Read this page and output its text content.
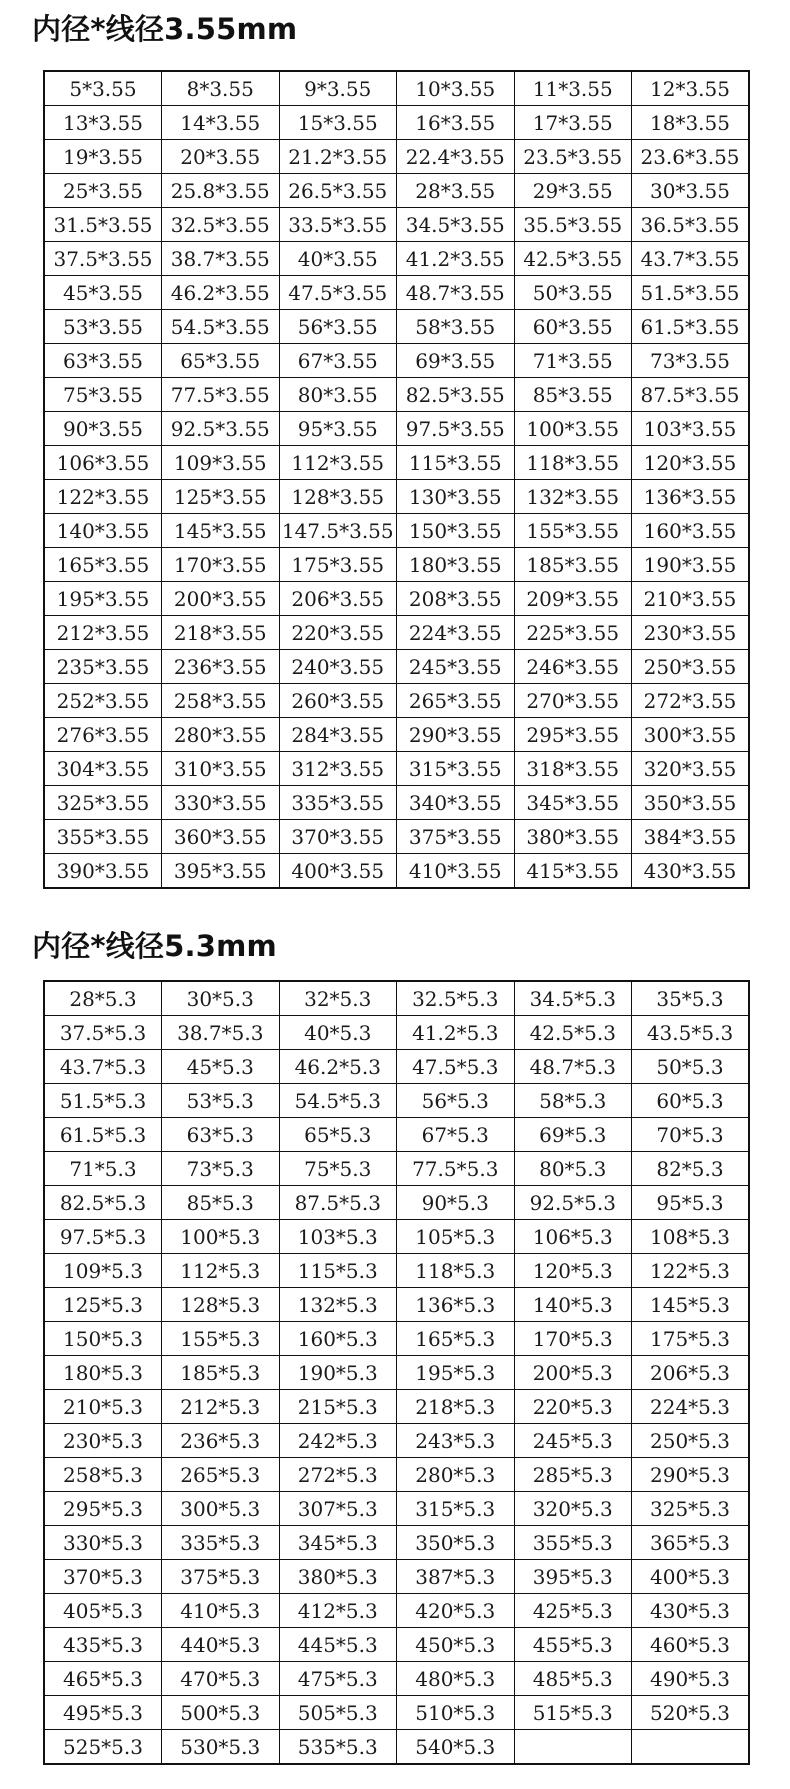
内径*线径3.55mm
5*3.55	8*3.55	9*3.55	10*3.55	11*3.55	12*3.55
13*3.55	14*3.55	15*3.55	16*3.55	17*3.55	18*3.55
19*3.55	20*3.55	21.2*3.55	22.4*3.55	23.5*3.55	23.6*3.55
25*3.55	25.8*3.55	26.5*3.55	28*3.55	29*3.55	30*3.55
31.5*3.55	32.5*3.55	33.5*3.55	34.5*3.55	35.5*3.55	36.5*3.55
37.5*3.55	38.7*3.55	40*3.55	41.2*3.55	42.5*3.55	43.7*3.55
45*3.55	46.2*3.55	47.5*3.55	48.7*3.55	50*3.55	51.5*3.55
53*3.55	54.5*3.55	56*3.55	58*3.55	60*3.55	61.5*3.55
63*3.55	65*3.55	67*3.55	69*3.55	71*3.55	73*3.55
75*3.55	77.5*3.55	80*3.55	82.5*3.55	85*3.55	87.5*3.55
90*3.55	92.5*3.55	95*3.55	97.5*3.55	100*3.55	103*3.55
106*3.55	109*3.55	112*3.55	115*3.55	118*3.55	120*3.55
122*3.55	125*3.55	128*3.55	130*3.55	132*3.55	136*3.55
140*3.55	145*3.55	147.5*3.55	150*3.55	155*3.55	160*3.55
165*3.55	170*3.55	175*3.55	180*3.55	185*3.55	190*3.55
195*3.55	200*3.55	206*3.55	208*3.55	209*3.55	210*3.55
212*3.55	218*3.55	220*3.55	224*3.55	225*3.55	230*3.55
235*3.55	236*3.55	240*3.55	245*3.55	246*3.55	250*3.55
252*3.55	258*3.55	260*3.55	265*3.55	270*3.55	272*3.55
276*3.55	280*3.55	284*3.55	290*3.55	295*3.55	300*3.55
304*3.55	310*3.55	312*3.55	315*3.55	318*3.55	320*3.55
325*3.55	330*3.55	335*3.55	340*3.55	345*3.55	350*3.55
355*3.55	360*3.55	370*3.55	375*3.55	380*3.55	384*3.55
390*3.55	395*3.55	400*3.55	410*3.55	415*3.55	430*3.55
内径*线径5.3mm
28*5.3	30*5.3	32*5.3	32.5*5.3	34.5*5.3	35*5.3
37.5*5.3	38.7*5.3	40*5.3	41.2*5.3	42.5*5.3	43.5*5.3
43.7*5.3	45*5.3	46.2*5.3	47.5*5.3	48.7*5.3	50*5.3
51.5*5.3	53*5.3	54.5*5.3	56*5.3	58*5.3	60*5.3
61.5*5.3	63*5.3	65*5.3	67*5.3	69*5.3	70*5.3
71*5.3	73*5.3	75*5.3	77.5*5.3	80*5.3	82*5.3
82.5*5.3	85*5.3	87.5*5.3	90*5.3	92.5*5.3	95*5.3
97.5*5.3	100*5.3	103*5.3	105*5.3	106*5.3	108*5.3
109*5.3	112*5.3	115*5.3	118*5.3	120*5.3	122*5.3
125*5.3	128*5.3	132*5.3	136*5.3	140*5.3	145*5.3
150*5.3	155*5.3	160*5.3	165*5.3	170*5.3	175*5.3
180*5.3	185*5.3	190*5.3	195*5.3	200*5.3	206*5.3
210*5.3	212*5.3	215*5.3	218*5.3	220*5.3	224*5.3
230*5.3	236*5.3	242*5.3	243*5.3	245*5.3	250*5.3
258*5.3	265*5.3	272*5.3	280*5.3	285*5.3	290*5.3
295*5.3	300*5.3	307*5.3	315*5.3	320*5.3	325*5.3
330*5.3	335*5.3	345*5.3	350*5.3	355*5.3	365*5.3
370*5.3	375*5.3	380*5.3	387*5.3	395*5.3	400*5.3
405*5.3	410*5.3	412*5.3	420*5.3	425*5.3	430*5.3
435*5.3	440*5.3	445*5.3	450*5.3	455*5.3	460*5.3
465*5.3	470*5.3	475*5.3	480*5.3	485*5.3	490*5.3
495*5.3	500*5.3	505*5.3	510*5.3	515*5.3	520*5.3
525*5.3	530*5.3	535*5.3	540*5.3		
